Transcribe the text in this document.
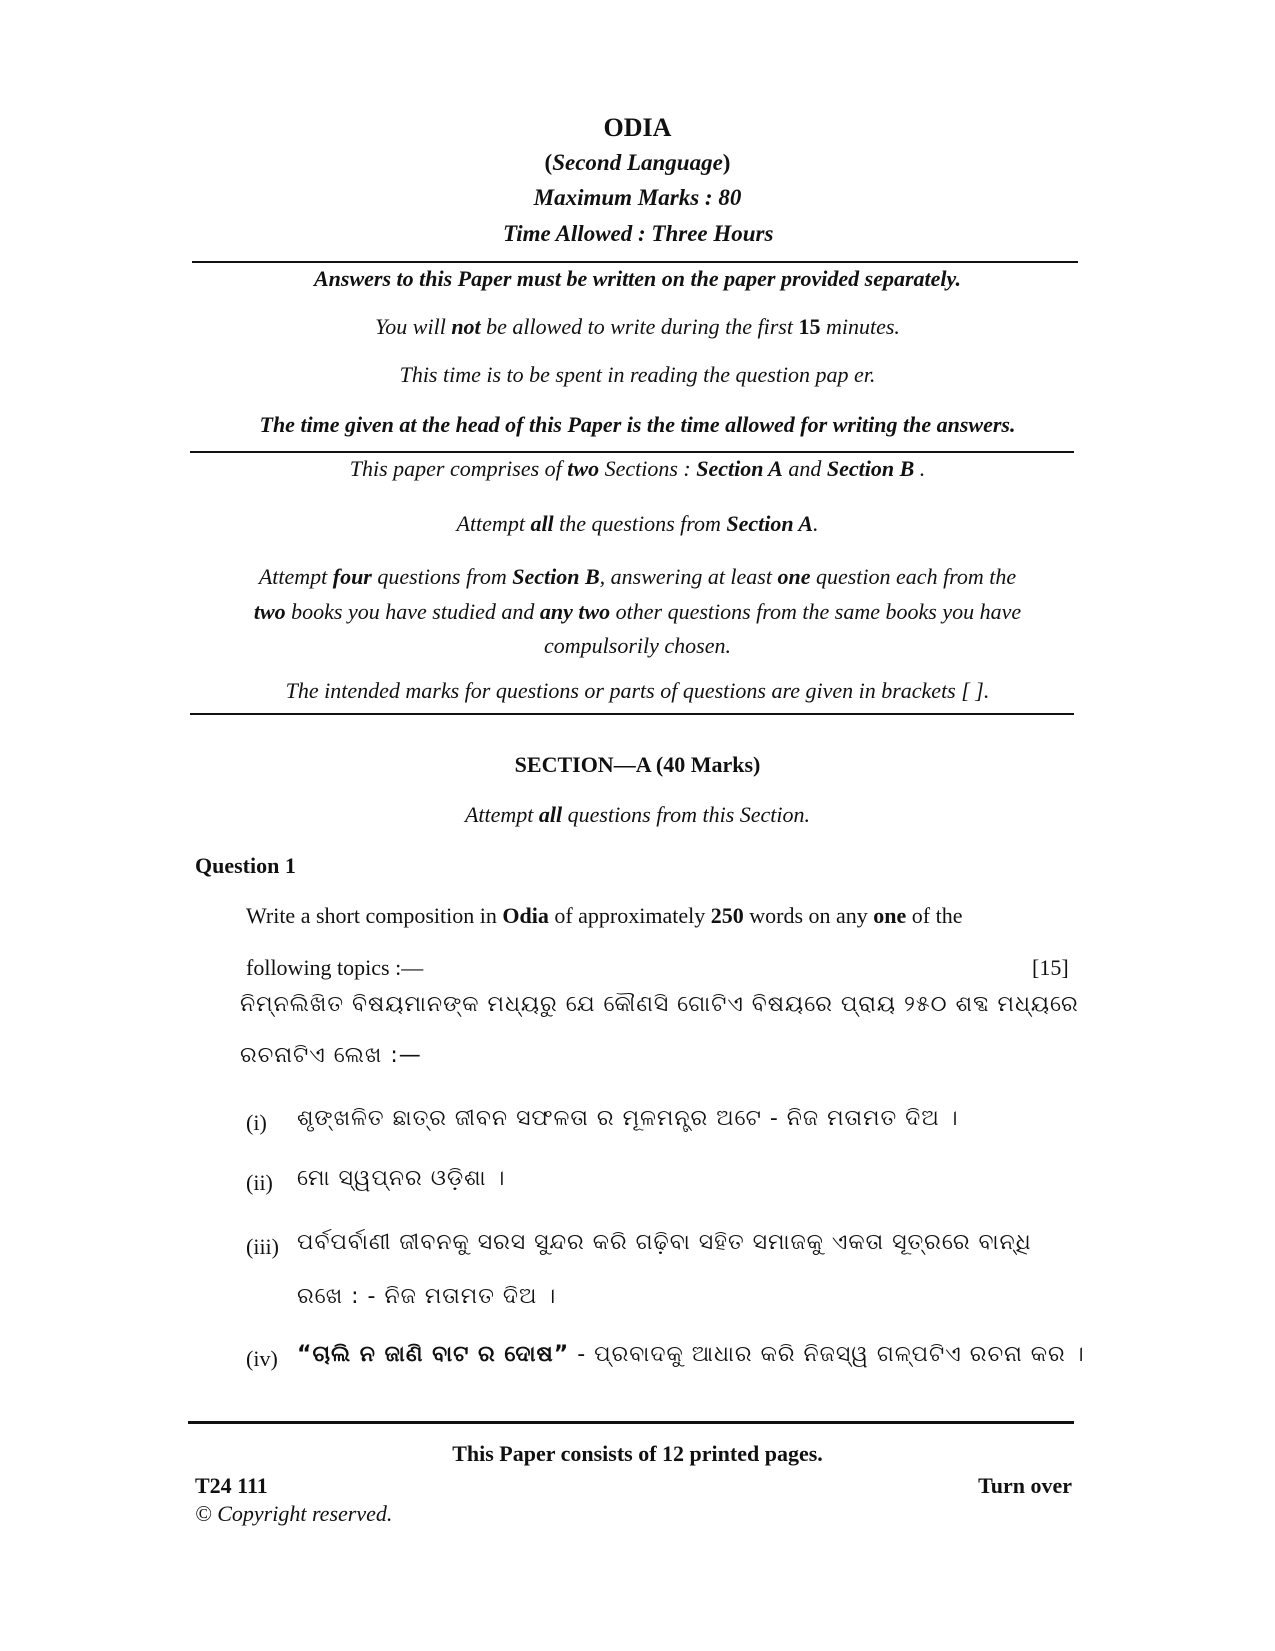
ODIA
(Second Language)
Maximum Marks : 80
Time Allowed : Three Hours
Answers to this Paper must be written on the paper provided separately.
You will not be allowed to write during the first 15 minutes.
This time is to be spent in reading the question pap er.
The time given at the head of this Paper is the time allowed for writing the answers.
This paper comprises of two Sections : Section A and Section B .
Attempt all the questions from Section A.
Attempt four questions from Section B, answering at least one question each from the
two books you have studied and any two other questions from the same books you have
compulsorily chosen.
The intended marks for questions or parts of questions are given in brackets [ ].
SECTION—A (40 Marks)
Attempt all questions from this Section.
Question 1
Write a short composition in Odia of approximately 250 words on any one of the
following topics :—	[15]
ନିମ୍ନଲିଖିତ ବିଷୟମାନଙ୍କ ମଧ୍ୟରୁ ଯେ କୌଣସି ଗୋଟିଏ ବିଷୟରେ ପ୍ରାୟ ୨୫୦ ଶବ୍ଦ ମଧ୍ୟରେ
ରଚନାଟିଏ ଲେଖ :—
(i) ଶୃଙ୍ଖଳିତ ଛାତ୍ର ଜୀବନ ସଫଳତା ର ମୂଳମନ୍ତ୍ର ଅଟେ - ନିଜ ମତାମତ ଦିଅ ।
(ii) ମୋ ସ୍ୱପ୍ନର ଓଡ଼ିଶା ।
(iii) ପର୍ବପର୍ବାଣୀ ଜୀବନକୁ ସରସ ସୁନ୍ଦର କରି ଗଢ଼ିବା ସହିତ ସମାଜକୁ ଏକତା ସୂତ୍ରରେ ବାନ୍ଧି
ରଖେ : - ନିଜ ମତାମତ ଦିଅ ।
(iv) “ଚାଲି ନ ଜାଣି ବାଟ ର ଦୋଷ” - ପ୍ରବାଦକୁ ଆଧାର କରି ନିଜସ୍ୱ ଗଳ୍ପଟିଏ ରଚନା କର ।
This Paper consists of 12 printed pages.
T24 111	Turn over
© Copyright reserved.
